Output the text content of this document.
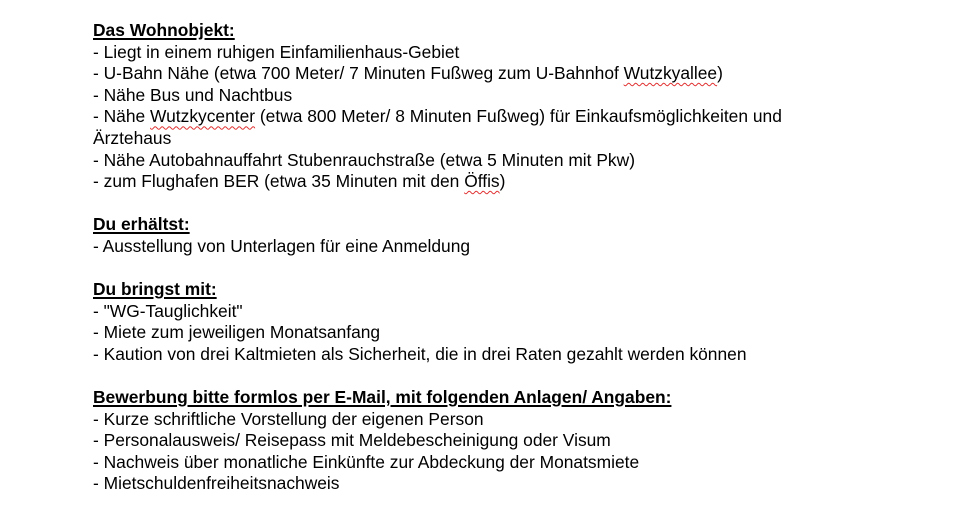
Das Wohnobjekt:
- Liegt in einem ruhigen Einfamilienhaus-Gebiet
- U-Bahn Nähe (etwa 700 Meter/ 7 Minuten Fußweg zum U-Bahnhof Wutzkyallee)
- Nähe Bus und Nachtbus
- Nähe Wutzkycenter (etwa 800 Meter/ 8 Minuten Fußweg) für Einkaufsmöglichkeiten und Ärztehaus
- Nähe Autobahnauffahrt Stubenrauchstraße (etwa 5 Minuten mit Pkw)
- zum Flughafen BER (etwa 35 Minuten mit den Öffis)
Du erhältst:
- Ausstellung von Unterlagen für eine Anmeldung
Du bringst mit:
- "WG-Tauglichkeit"
- Miete zum jeweiligen Monatsanfang
- Kaution von drei Kaltmieten als Sicherheit, die in drei Raten gezahlt werden können
Bewerbung bitte formlos per E-Mail, mit folgenden Anlagen/ Angaben:
- Kurze schriftliche Vorstellung der eigenen Person
- Personalausweis/ Reisepass mit Meldebescheinigung oder Visum
- Nachweis über monatliche Einkünfte zur Abdeckung der Monatsmiete
- Mietschuldenfreiheitsnachweis
